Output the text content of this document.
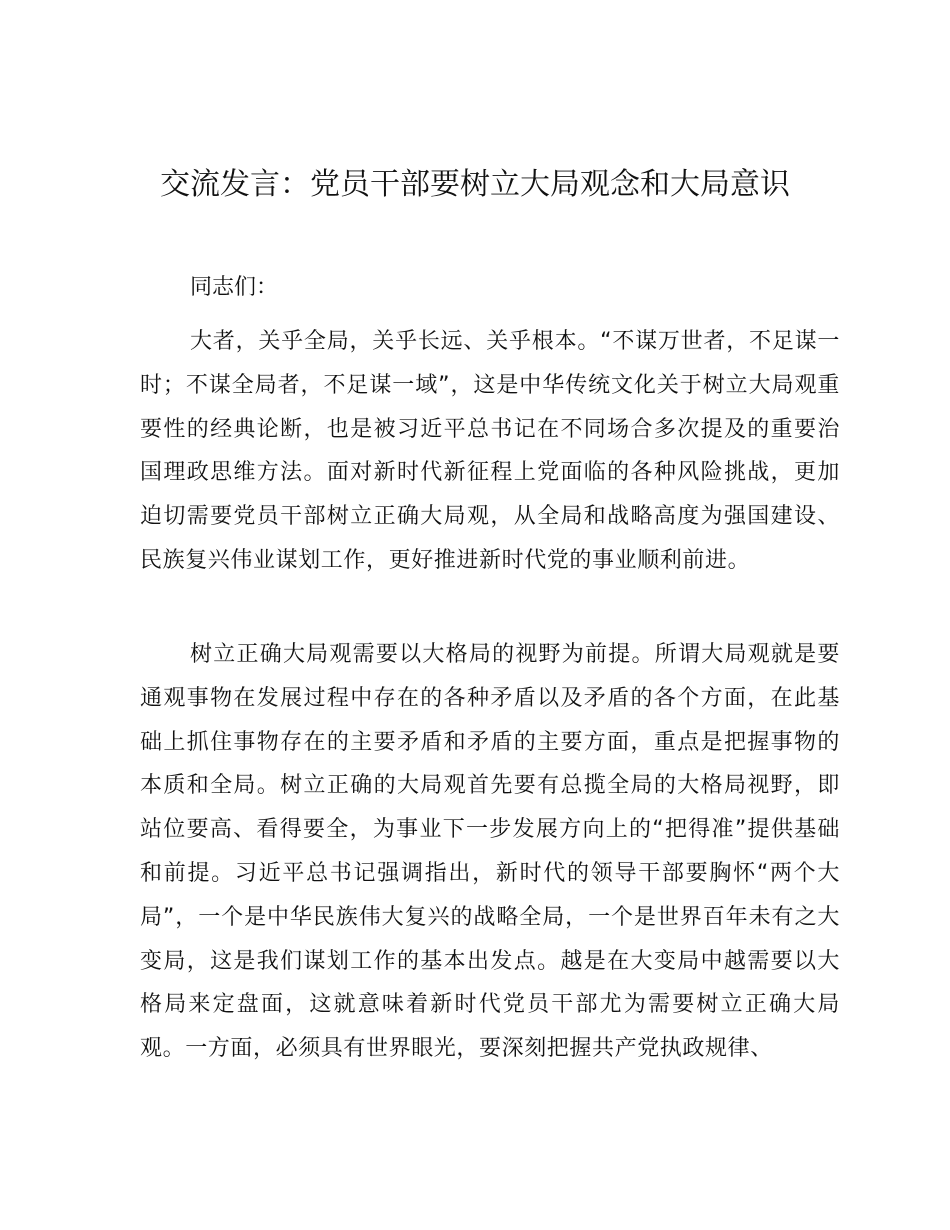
交流发言：党员干部要树立大局观念和大局意识

同志们：

大者，关乎全局，关乎长远、关乎根本。“不谋万世者，不足谋一时；不谋全局者，不足谋一域”，这是中华传统文化关于树立大局观重要性的经典论断，也是被习近平总书记在不同场合多次提及的重要治国理政思维方法。面对新时代新征程上党面临的各种风险挑战，更加迫切需要党员干部树立正确大局观，从全局和战略高度为强国建设、民族复兴伟业谋划工作，更好推进新时代党的事业顺利前进。

树立正确大局观需要以大格局的视野为前提。所谓大局观就是要通观事物在发展过程中存在的各种矛盾以及矛盾的各个方面，在此基础上抓住事物存在的主要矛盾和矛盾的主要方面，重点是把握事物的本质和全局。树立正确的大局观首先要有总揽全局的大格局视野，即站位要高、看得要全，为事业下一步发展方向上的“把得准”提供基础和前提。习近平总书记强调指出，新时代的领导干部要胸怀“两个大局”，一个是中华民族伟大复兴的战略全局，一个是世界百年未有之大变局，这是我们谋划工作的基本出发点。越是在大变局中越需要以大格局来定盘面，这就意味着新时代党员干部尤为需要树立正确大局观。一方面，必须具有世界眼光，要深刻把握共产党执政规律、
